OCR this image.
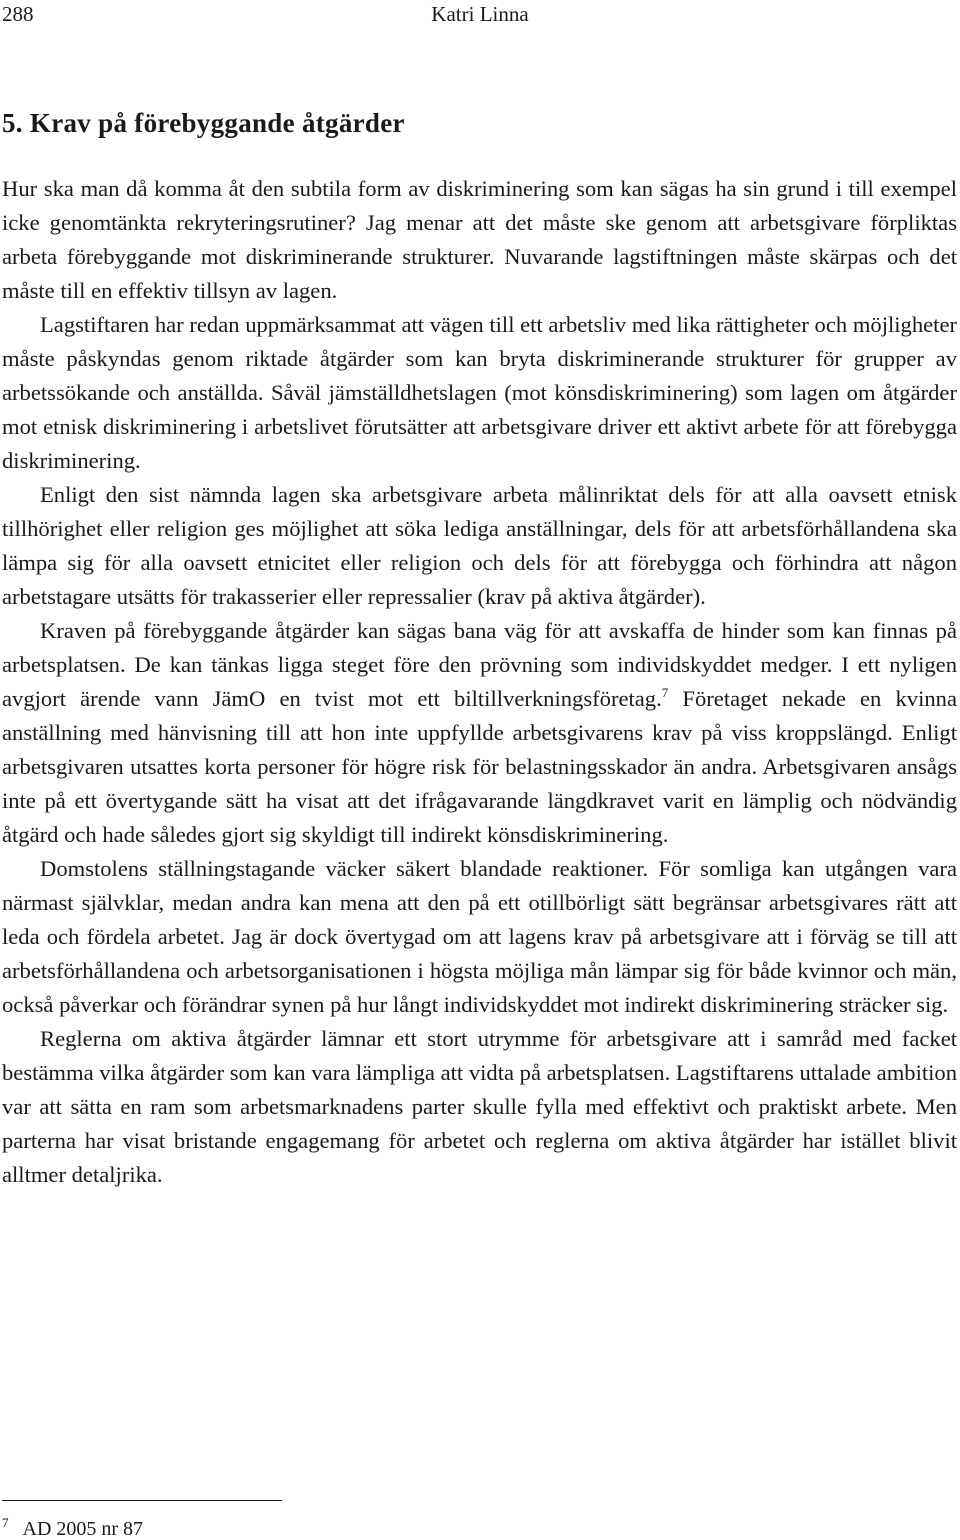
288	Katri Linna
5. Krav på förebyggande åtgärder

Hur ska man då komma åt den subtila form av diskriminering som kan sägas ha sin grund i till exempel icke genomtänkta rekryteringsrutiner? Jag menar att det måste ske genom att arbetsgivare förpliktas arbeta förebyggande mot diskriminerande strukturer. Nuvarande lagstiftningen måste skärpas och det måste till en effektiv tillsyn av lagen.

Lagstiftaren har redan uppmärksammat att vägen till ett arbetsliv med lika rättigheter och möjligheter måste påskyndas genom riktade åtgärder som kan bryta diskriminerande strukturer för grupper av arbetssökande och anställda. Såväl jämställdhetslagen (mot könsdiskriminering) som lagen om åtgärder mot etnisk diskriminering i arbetslivet förutsätter att arbetsgivare driver ett aktivt arbete för att förebygga diskriminering.

Enligt den sist nämnda lagen ska arbetsgivare arbeta målinriktat dels för att alla oavsett etnisk tillhörighet eller religion ges möjlighet att söka lediga anställningar, dels för att arbetsförhållandena ska lämpa sig för alla oavsett etnicitet eller religion och dels för att förebygga och förhindra att någon arbetstagare utsätts för trakasserier eller repressalier (krav på aktiva åtgärder).

Kraven på förebyggande åtgärder kan sägas bana väg för att avskaffa de hinder som kan finnas på arbetsplatsen. De kan tänkas ligga steget före den prövning som individskyddet medger. I ett nyligen avgjort ärende vann JämO en tvist mot ett biltillverkningsföretag.$^7$ Företaget nekade en kvinna anställning med hänvisning till att hon inte uppfyllde arbetsgivarens krav på viss kroppslängd. Enligt arbetsgivaren utsattes korta personer för högre risk för belastningsskador än andra. Arbetsgivaren ansågs inte på ett övertygande sätt ha visat att det ifrågavarande längdkravet varit en lämplig och nödvändig åtgärd och hade således gjort sig skyldigt till indirekt könsdiskriminering.

Domstolens ställningstagande väcker säkert blandade reaktioner. För somliga kan utgången vara närmast självklar, medan andra kan mena att den på ett otillbörligt sätt begränsar arbetsgivares rätt att leda och fördela arbetet. Jag är dock övertygad om att lagens krav på arbetsgivare att i förväg se till att arbetsförhållandena och arbetsorganisationen i högsta möjliga mån lämpar sig för både kvinnor och män, också påverkar och förändrar synen på hur långt individskyddet mot indirekt diskriminering sträcker sig.

Reglerna om aktiva åtgärder lämnar ett stort utrymme för arbetsgivare att i samråd med facket bestämma vilka åtgärder som kan vara lämpliga att vidta på arbetsplatsen. Lagstiftarens uttalade ambition var att sätta en ram som arbetsmarknadens parter skulle fylla med effektivt och praktiskt arbete. Men parterna har visat bristande engagemang för arbetet och reglerna om aktiva åtgärder har istället blivit alltmer detaljrika.

$^7$ AD 2005 nr 87
